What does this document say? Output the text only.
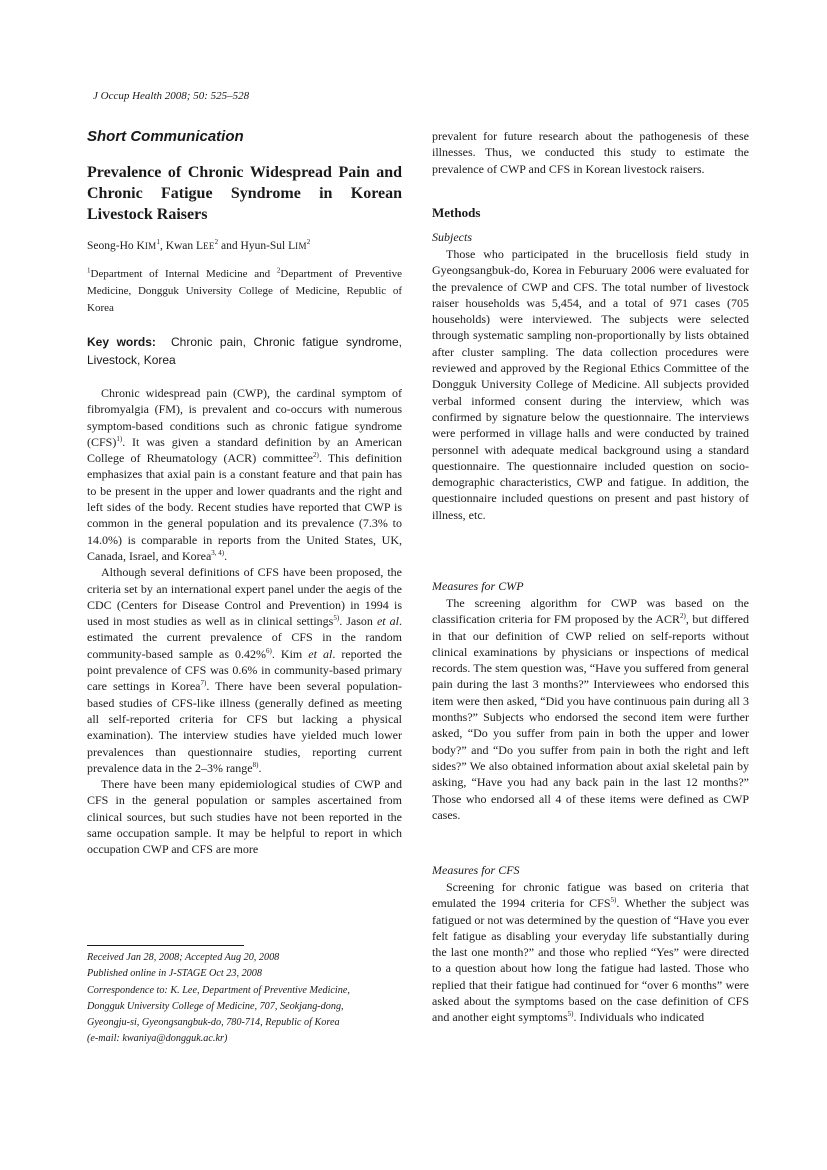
J Occup Health 2008; 50: 525–528
Short Communication
Prevalence of Chronic Widespread Pain and Chronic Fatigue Syndrome in Korean Livestock Raisers
Seong-Ho KIM$^1$, Kwan LEE$^2$ and Hyun-Sul LIM$^2$
$^1$Department of Internal Medicine and $^2$Department of Preventive Medicine, Dongguk University College of Medicine, Republic of Korea
Key words: Chronic pain, Chronic fatigue syndrome, Livestock, Korea

Chronic widespread pain (CWP), the cardinal symptom of fibromyalgia (FM), is prevalent and co-occurs with numerous symptom-based conditions such as chronic fatigue syndrome (CFS)$^{1)}$. It was given a standard definition by an American College of Rheumatology (ACR) committee$^{2)}$. This definition emphasizes that axial pain is a constant feature and that pain has to be present in the upper and lower quadrants and the right and left sides of the body. Recent studies have reported that CWP is common in the general population and its prevalence (7.3% to 14.0%) is comparable in reports from the United States, UK, Canada, Israel, and Korea$^{3, 4)}$.

Although several definitions of CFS have been proposed, the criteria set by an international expert panel under the aegis of the CDC (Centers for Disease Control and Prevention) in 1994 is used in most studies as well as in clinical settings$^{5)}$. Jason et al. estimated the current prevalence of CFS in the random community-based sample as 0.42%$^{6)}$. Kim et al. reported the point prevalence of CFS was 0.6% in community-based primary care settings in Korea$^{7)}$. There have been several population-based studies of CFS-like illness (generally defined as meeting all self-reported criteria for CFS but lacking a physical examination). The interview studies have yielded much lower prevalences than questionnaire studies, reporting current prevalence data in the 2–3% range$^{8)}$.

There have been many epidemiological studies of CWP and CFS in the general population or samples ascertained from clinical sources, but such studies have not been reported in the same occupation sample. It may be helpful to report in which occupation CWP and CFS are more

Received Jan 28, 2008; Accepted Aug 20, 2008
Published online in J-STAGE Oct 23, 2008
Correspondence to: K. Lee, Department of Preventive Medicine,
Dongguk University College of Medicine, 707, Seokjang-dong,
Gyeongju-si, Gyeongsangbuk-do, 780-714, Republic of Korea
(e-mail: kwaniya@dongguk.ac.kr)

prevalent for future research about the pathogenesis of these illnesses. Thus, we conducted this study to estimate the prevalence of CWP and CFS in Korean livestock raisers.

Methods
Subjects

Those who participated in the brucellosis field study in Gyeongsangbuk-do, Korea in Feburuary 2006 were evaluated for the prevalence of CWP and CFS. The total number of livestock raiser households was 5,454, and a total of 971 cases (705 households) were interviewed. The subjects were selected through systematic sampling non-proportionally by lists obtained after cluster sampling. The data collection procedures were reviewed and approved by the Regional Ethics Committee of the Dongguk University College of Medicine. All subjects provided verbal informed consent during the interview, which was confirmed by signature below the questionnaire. The interviews were performed in village halls and were conducted by trained personnel with adequate medical background using a standard questionnaire. The questionnaire included question on socio-demographic characteristics, CWP and fatigue. In addition, the questionnaire included questions on present and past history of illness, etc.

Measures for CWP

The screening algorithm for CWP was based on the classification criteria for FM proposed by the ACR$^{2)}$, but differed in that our definition of CWP relied on self-reports without clinical examinations by physicians or inspections of medical records. The stem question was, “Have you suffered from general pain during the last 3 months?” Interviewees who endorsed this item were then asked, “Did you have continuous pain during all 3 months?” Subjects who endorsed the second item were further asked, “Do you suffer from pain in both the upper and lower body?” and “Do you suffer from pain in both the right and left sides?” We also obtained information about axial skeletal pain by asking, “Have you had any back pain in the last 12 months?” Those who endorsed all 4 of these items were defined as CWP cases.

Measures for CFS

Screening for chronic fatigue was based on criteria that emulated the 1994 criteria for CFS$^{5)}$. Whether the subject was fatigued or not was determined by the question of “Have you ever felt fatigue as disabling your everyday life substantially during the last one month?” and those who replied “Yes” were directed to a question about how long the fatigue had lasted. Those who replied that their fatigue had continued for “over 6 months” were asked about the symptoms based on the case definition of CFS and another eight symptoms$^{5)}$. Individuals who indicated
